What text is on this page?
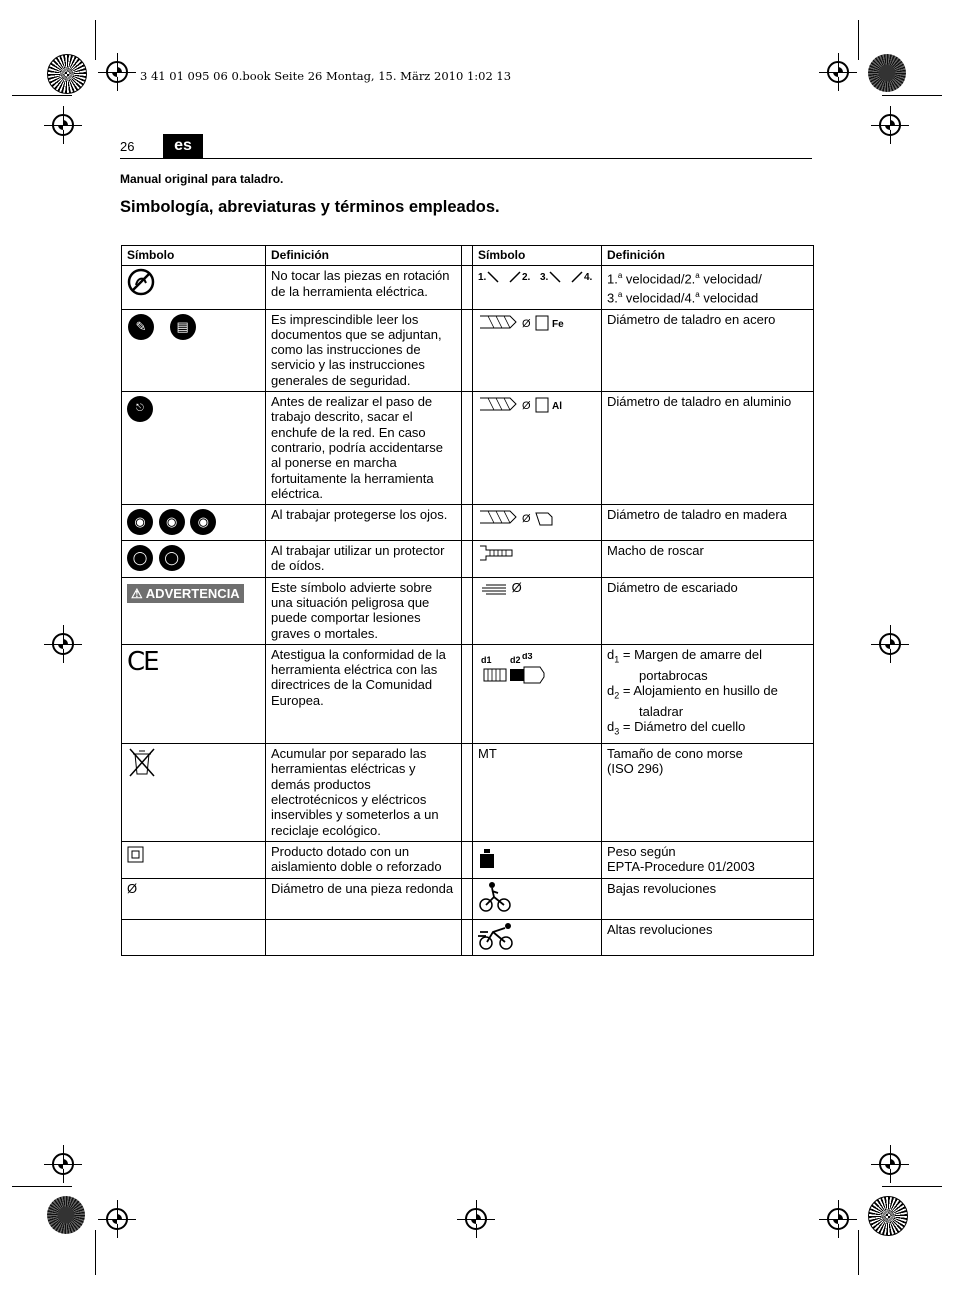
3 41 01 095 06 0.book Seite 26 Montag, 15. März 2010 1:02 13
26	es
Manual original para taladro.
Simbología, abreviaturas y términos empleados.
Símbolo	Definición		Símbolo	Definición
	No tocar las piezas en rotación de la herramienta eléctrica.		1. 2. 3. 4.	1.$^a$ velocidad/2.$^a$ velocidad/
3.$^a$ velocidad/4.$^a$ velocidad
✎ ▤	Es imprescindible leer los documentos que se adjuntan, como las instrucciones de servicio y las instrucciones generales de seguridad.		Ø Fe	Diámetro de taladro en acero
⎋	Antes de realizar el paso de trabajo descrito, sacar el enchufe de la red. En caso contrario, podría accidentarse al ponerse en marcha fortuitamente la herramienta eléctrica.		Ø Al	Diámetro de taladro en aluminio
◉ ◉ ◉	Al trabajar protegerse los ojos.		Ø	Diámetro de taladro en madera
◯ ◯	Al trabajar utilizar un protector de oídos.			Macho de roscar
⚠ ADVERTENCIA	Este símbolo advierte sobre una situación peligrosa que puede comportar lesiones graves o mortales.		Ø	Diámetro de escariado
CE	Atestigua la conformidad de la herramienta eléctrica con las directrices de la Comunidad Europea.		d1 d2 d3	$d_1$ = Margen de amarre del portabrocas
$d_2$ = Alojamiento en husillo de taladrar
$d_3$ = Diámetro del cuello

	Acumular por separado las herramientas eléctricas y demás productos electrotécnicos y eléctricos inservibles y someterlos a un reciclaje ecológico.		MT	Tamaño de cono morse
(ISO 296)
	Producto dotado con un aislamiento doble o reforzado			Peso según
EPTA-Procedure 01/2003
Ø	Diámetro de una pieza redonda			Bajas revoluciones
				Altas revoluciones
